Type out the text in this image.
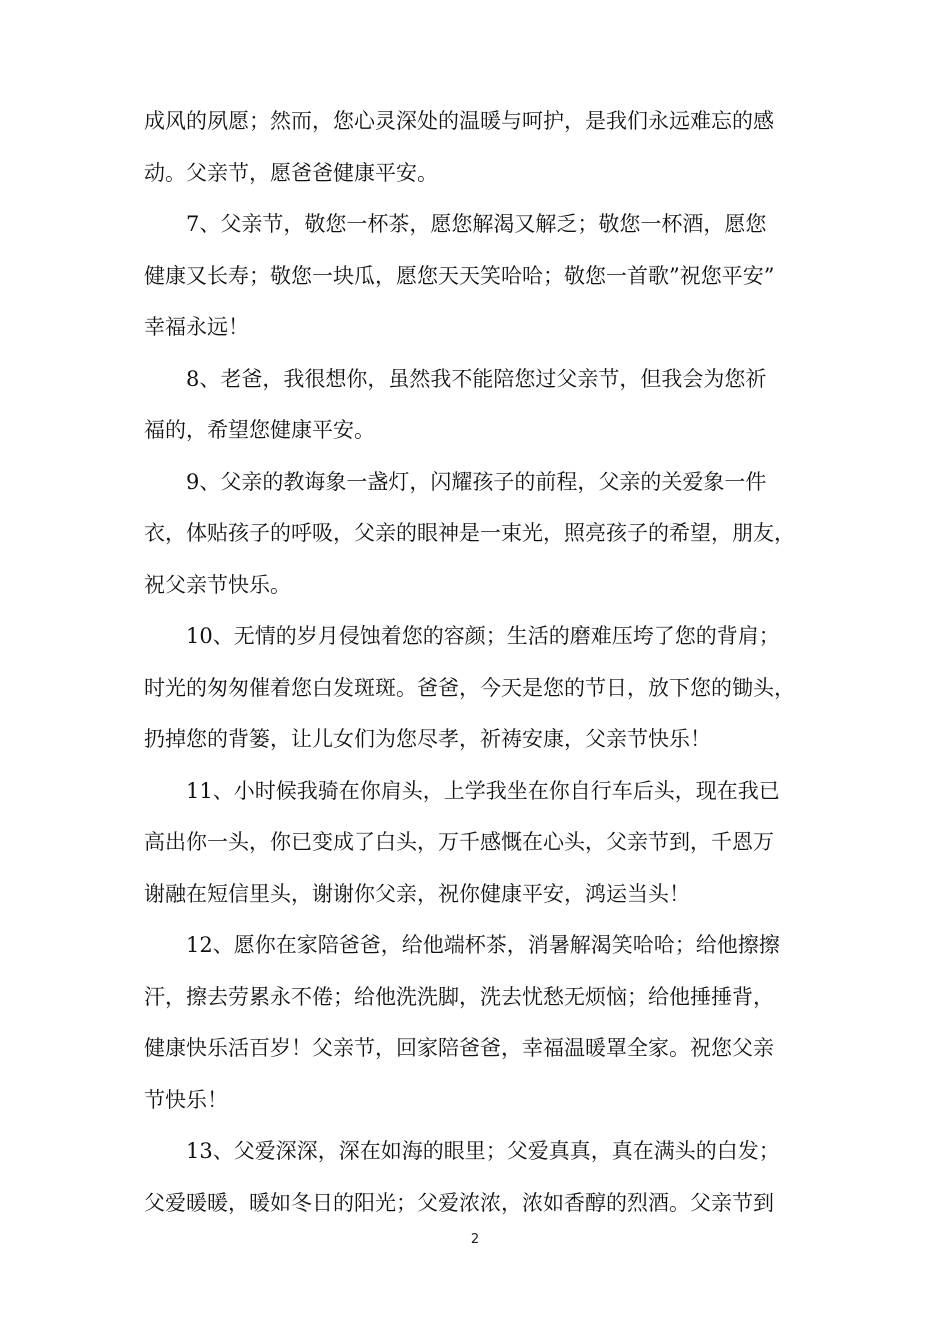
成风的夙愿；然而，您心灵深处的温暖与呵护，是我们永远难忘的感
动。父亲节，愿爸爸健康平安。
7、父亲节，敬您一杯茶，愿您解渴又解乏；敬您一杯酒，愿您
健康又长寿；敬您一块瓜，愿您天天笑哈哈；敬您一首歌”祝您平安”
幸福永远！
8、老爸，我很想你，虽然我不能陪您过父亲节，但我会为您祈
福的，希望您健康平安。
9、父亲的教诲象一盏灯，闪耀孩子的前程，父亲的关爱象一件
衣，体贴孩子的呼吸，父亲的眼神是一束光，照亮孩子的希望，朋友，
祝父亲节快乐。
10、无情的岁月侵蚀着您的容颜；生活的磨难压垮了您的背肩；
时光的匆匆催着您白发斑斑。爸爸，今天是您的节日，放下您的锄头，
扔掉您的背篓，让儿女们为您尽孝，祈祷安康，父亲节快乐！
11、小时候我骑在你肩头，上学我坐在你自行车后头，现在我已
高出你一头，你已变成了白头，万千感慨在心头，父亲节到，千恩万
谢融在短信里头，谢谢你父亲，祝你健康平安，鸿运当头！
12、愿你在家陪爸爸，给他端杯茶，消暑解渴笑哈哈；给他擦擦
汗，擦去劳累永不倦；给他洗洗脚，洗去忧愁无烦恼；给他捶捶背，
健康快乐活百岁！父亲节，回家陪爸爸，幸福温暖罩全家。祝您父亲
节快乐！
13、父爱深深，深在如海的眼里；父爱真真，真在满头的白发；
父爱暖暖，暖如冬日的阳光；父爱浓浓，浓如香醇的烈酒。父亲节到
2
